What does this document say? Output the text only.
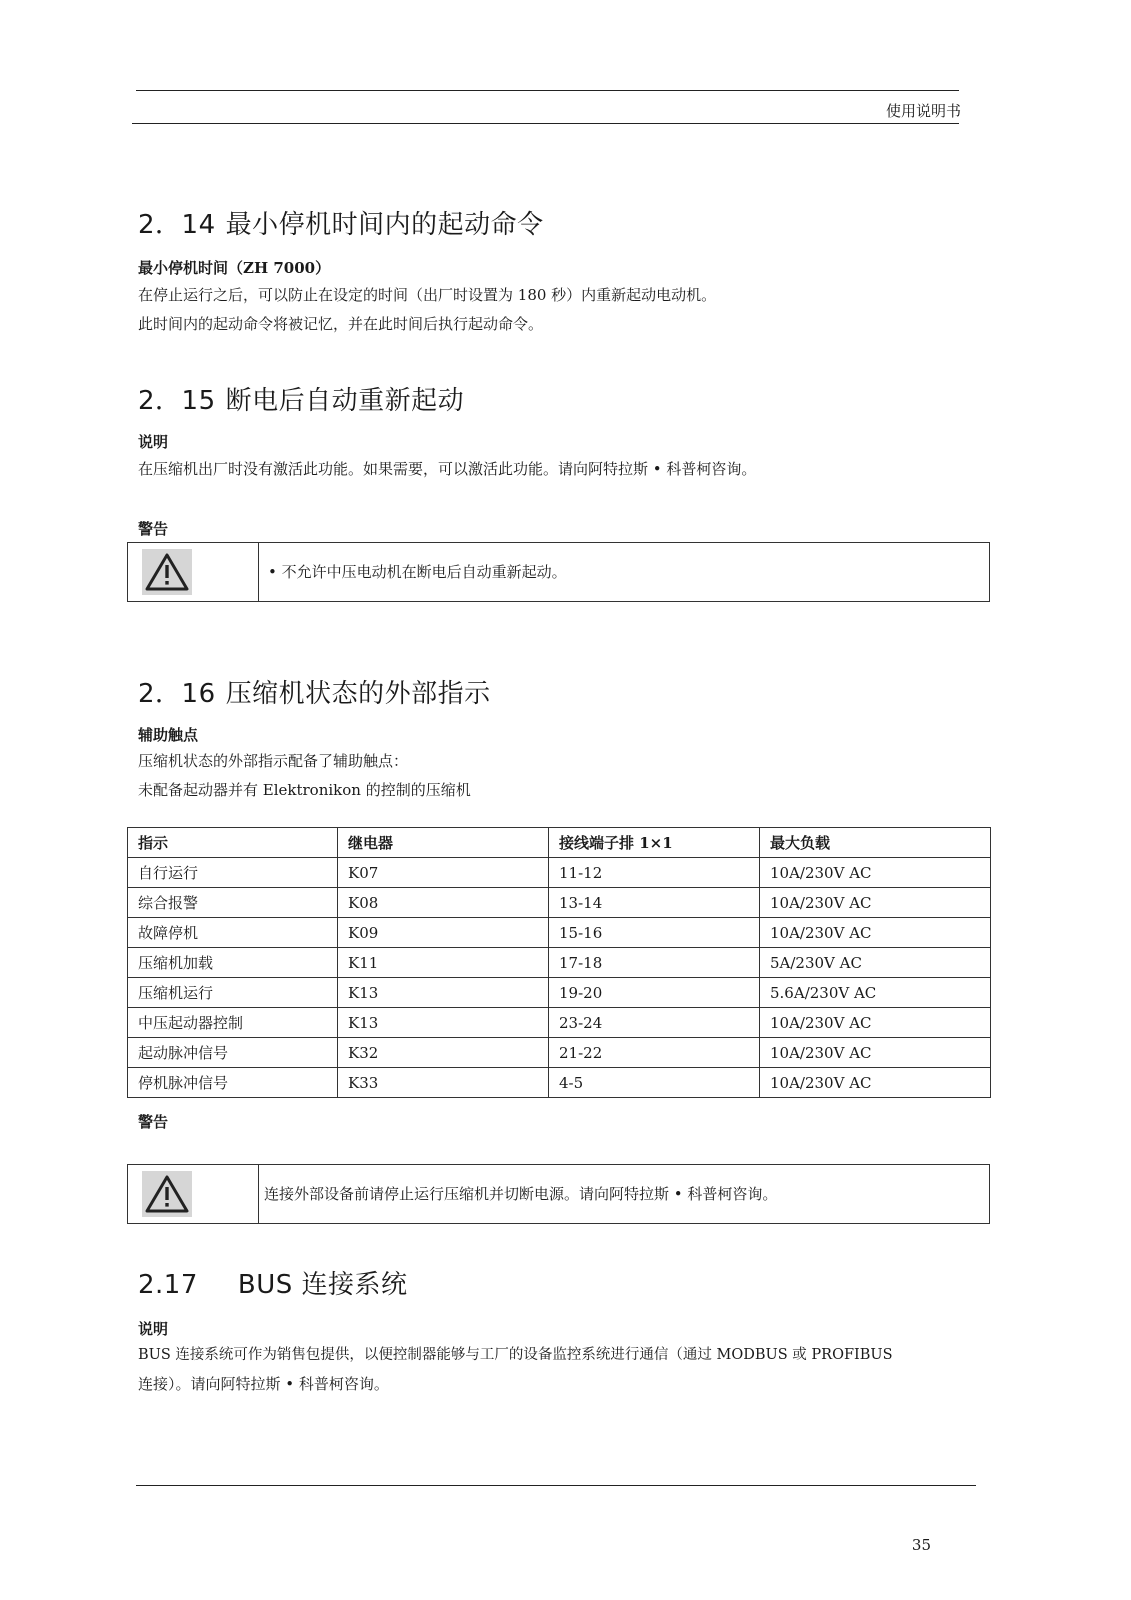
使用说明书
2．14 最小停机时间内的起动命令
最小停机时间（ZH 7000）
在停止运行之后，可以防止在设定的时间（出厂时设置为 180 秒）内重新起动电动机。
此时间内的起动命令将被记忆，并在此时间后执行起动命令。
2．15 断电后自动重新起动
说明
在压缩机出厂时没有激活此功能。如果需要，可以激活此功能。请向阿特拉斯 • 科普柯咨询。
警告
• 不允许中压电动机在断电后自动重新起动。
2．16 压缩机状态的外部指示
辅助触点
压缩机状态的外部指示配备了辅助触点：
未配备起动器并有 Elektronikon 的控制的压缩机
指示	继电器	接线端子排 1×1	最大负载
自行运行	K07	11-12	10A/230V AC
综合报警	K08	13-14	10A/230V AC
故障停机	K09	15-16	10A/230V AC
压缩机加载	K11	17-18	5A/230V AC
压缩机运行	K13	19-20	5.6A/230V AC
中压起动器控制	K13	23-24	10A/230V AC
起动脉冲信号	K32	21-22	10A/230V AC
停机脉冲信号	K33	4-5	10A/230V AC
警告
连接外部设备前请停止运行压缩机并切断电源。请向阿特拉斯 • 科普柯咨询。
2.17 BUS 连接系统
说明
BUS 连接系统可作为销售包提供，以便控制器能够与工厂的设备监控系统进行通信（通过 MODBUS 或 PROFIBUS
连接）。请向阿特拉斯 • 科普柯咨询。
35
